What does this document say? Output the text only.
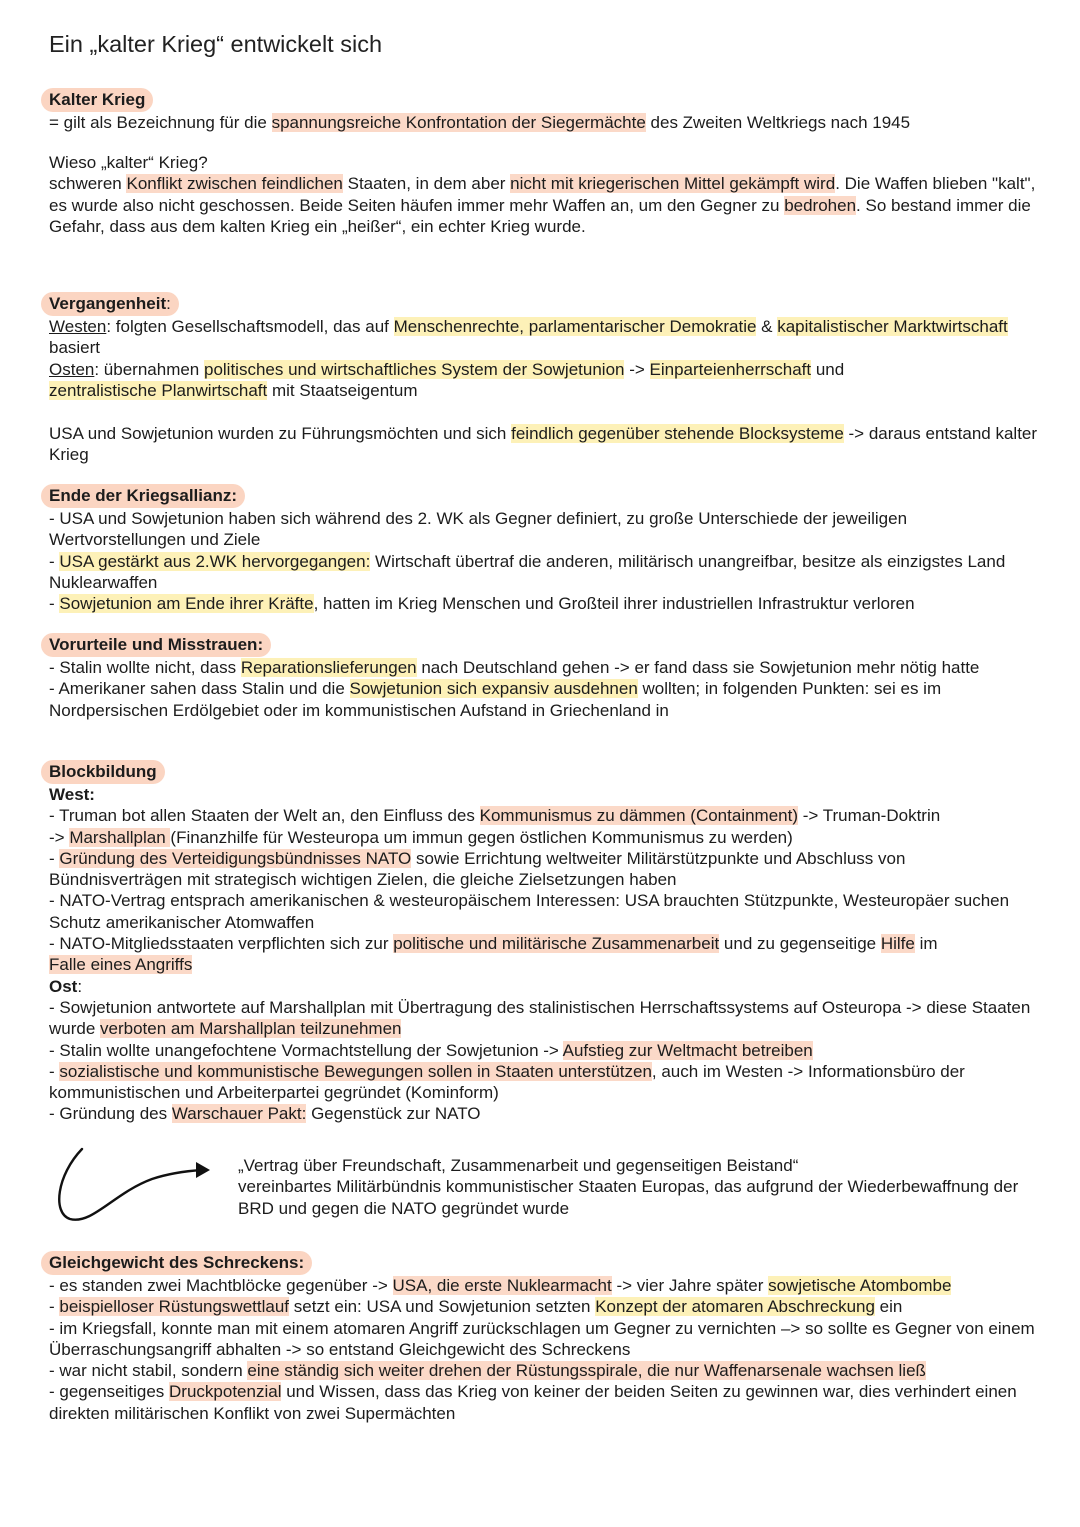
Ein „kalter Krieg“ entwickelt sich
Kalter Krieg
= gilt als Bezeichnung für die spannungsreiche Konfrontation der Siegermächte des Zweiten Weltkriegs nach 1945
Wieso „kalter“ Krieg?
schweren Konflikt zwischen feindlichen Staaten, in dem aber nicht mit kriegerischen Mittel gekämpft wird. Die Waffen blieben "kalt", es wurde also nicht geschossen. Beide Seiten häufen immer mehr Waffen an, um den Gegner zu bedrohen. So bestand immer die Gefahr, dass aus dem kalten Krieg ein „heißer“, ein echter Krieg wurde.
Vergangenheit:
Westen: folgten Gesellschaftsmodell, das auf Menschenrechte, parlamentarischer Demokratie & kapitalistischer Marktwirtschaft basiert
Osten: übernahmen politisches und wirtschaftliches System der Sowjetunion -> Einparteienherrschaft und
zentralistische Planwirtschaft mit Staatseigentum
USA und Sowjetunion wurden zu Führungsmöchten und sich feindlich gegenüber stehende Blocksysteme -> daraus entstand kalter Krieg
Ende der Kriegsallianz:
- USA und Sowjetunion haben sich während des 2. WK als Gegner definiert, zu große Unterschiede der jeweiligen Wertvorstellungen und Ziele
- USA gestärkt aus 2.WK hervorgegangen: Wirtschaft übertraf die anderen, militärisch unangreifbar, besitze als einzigstes Land Nuklearwaffen
- Sowjetunion am Ende ihrer Kräfte, hatten im Krieg Menschen und Großteil ihrer industriellen Infrastruktur verloren
Vorurteile und Misstrauen:
- Stalin wollte nicht, dass Reparationslieferungen nach Deutschland gehen -> er fand dass sie Sowjetunion mehr nötig hatte
- Amerikaner sahen dass Stalin und die Sowjetunion sich expansiv ausdehnen wollten; in folgenden Punkten: sei es im Nordpersischen Erdölgebiet oder im kommunistischen Aufstand in Griechenland in
Blockbildung
West:
- Truman bot allen Staaten der Welt an, den Einfluss des Kommunismus zu dämmen (Containment) -> Truman-Doktrin
-> Marshallplan (Finanzhilfe für Westeuropa um immun gegen östlichen Kommunismus zu werden)
- Gründung des Verteidigungsbündnisses NATO sowie Errichtung weltweiter Militärstützpunkte und Abschluss von Bündnisverträgen mit strategisch wichtigen Zielen, die gleiche Zielsetzungen haben
- NATO-Vertrag entsprach amerikanischen & westeuropäischem Interessen: USA brauchten Stützpunkte, Westeuropäer suchen Schutz amerikanischer Atomwaffen
- NATO-Mitgliedsstaaten verpflichten sich zur politische und militärische Zusammenarbeit und zu gegenseitige Hilfe im
Falle eines Angriffs
Ost:
- Sowjetunion antwortete auf Marshallplan mit Übertragung des stalinistischen Herrschaftssystems auf Osteuropa -> diese Staaten wurde verboten am Marshallplan teilzunehmen
- Stalin wollte unangefochtene Vormachtstellung der Sowjetunion -> Aufstieg zur Weltmacht betreiben
- sozialistische und kommunistische Bewegungen sollen in Staaten unterstützen, auch im Westen -> Informationsbüro der kommunistischen und Arbeiterpartei gegründet (Kominform)
- Gründung des Warschauer Pakt: Gegenstück zur NATO
„Vertrag über Freundschaft, Zusammenarbeit und gegenseitigen Beistand“
vereinbartes Militärbündnis kommunistischer Staaten Europas, das aufgrund der Wiederbewaffnung der BRD und gegen die NATO gegründet wurde
Gleichgewicht des Schreckens:
- es standen zwei Machtblöcke gegenüber -> USA, die erste Nuklearmacht -> vier Jahre später sowjetische Atombombe
- beispielloser Rüstungswettlauf setzt ein: USA und Sowjetunion setzten Konzept der atomaren Abschreckung ein
- im Kriegsfall, konnte man mit einem atomaren Angriff zurückschlagen um Gegner zu vernichten –> so sollte es Gegner von einem Überraschungsangriff abhalten -> so entstand Gleichgewicht des Schreckens
- war nicht stabil, sondern eine ständig sich weiter drehen der Rüstungsspirale, die nur Waffenarsenale wachsen ließ
- gegenseitiges Druckpotenzial und Wissen, dass das Krieg von keiner der beiden Seiten zu gewinnen war, dies verhindert einen direkten militärischen Konflikt von zwei Supermächten
